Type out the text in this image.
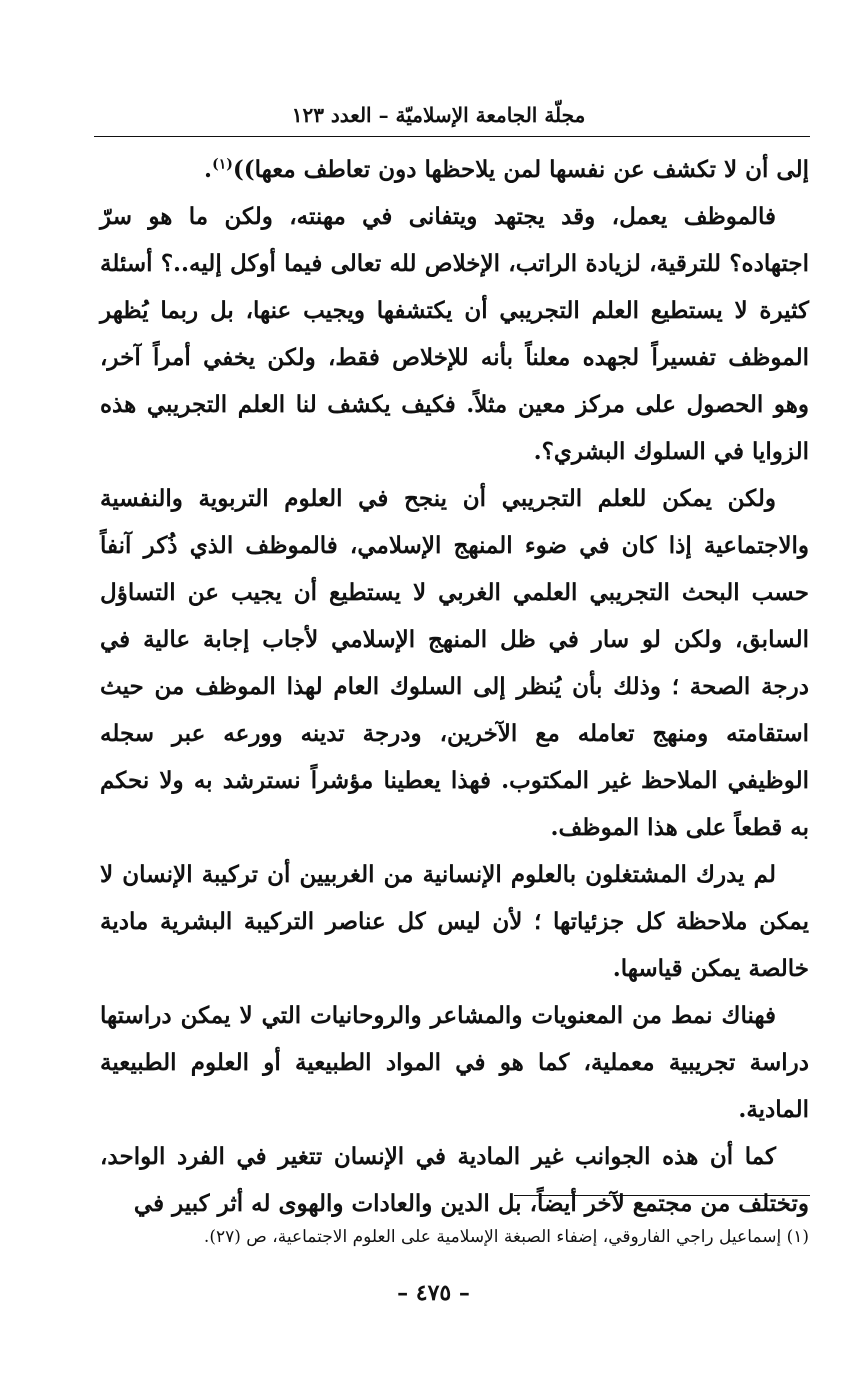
مجلّة الجامعة الإسلاميّة – العدد ١٢٣

إلى أن لا تكشف عن نفسها لمن يلاحظها دون تعاطف معها))$^{(١)}$.

فالموظف يعمل، وقد يجتهد ويتفانى في مهنته، ولكن ما هو سرّ اجتهاده؟ للترقية، لزيادة الراتب، الإخلاص لله تعالى فيما أوكل إليه..؟ أسئلة كثيرة لا يستطيع العلم التجريبي أن يكتشفها ويجيب عنها، بل ربما يُظهر الموظف تفسيراً لجهده معلناً بأنه للإخلاص فقط، ولكن يخفي أمراً آخر، وهو الحصول على مركز معين مثلاً. فكيف يكشف لنا العلم التجريبي هذه الزوايا في السلوك البشري؟.

ولكن يمكن للعلم التجريبي أن ينجح في العلوم التربوية والنفسية والاجتماعية إذا كان في ضوء المنهج الإسلامي، فالموظف الذي ذُكر آنفاً حسب البحث التجريبي العلمي الغربي لا يستطيع أن يجيب عن التساؤل السابق، ولكن لو سار في ظل المنهج الإسلامي لأجاب إجابة عالية في درجة الصحة ؛ وذلك بأن يُنظر إلى السلوك العام لهذا الموظف من حيث استقامته ومنهج تعامله مع الآخرين، ودرجة تدينه وورعه عبر سجله الوظيفي الملاحظ غير المكتوب. فهذا يعطينا مؤشراً نسترشد به ولا نحكم به قطعاً على هذا الموظف.

لم يدرك المشتغلون بالعلوم الإنسانية من الغربيين أن تركيبة الإنسان لا يمكن ملاحظة كل جزئياتها ؛ لأن ليس كل عناصر التركيبة البشرية مادية خالصة يمكن قياسها.

فهناك نمط من المعنويات والمشاعر والروحانيات التي لا يمكن دراستها دراسة تجريبية معملية، كما هو في المواد الطبيعية أو العلوم الطبيعية المادية.

كما أن هذه الجوانب غير المادية في الإنسان تتغير في الفرد الواحد، وتختلف من مجتمع لآخر أيضاً، بل الدين والعادات والهوى له أثر كبير في

(١) إسماعيل راجي الفاروقي، إضفاء الصبغة الإسلامية على العلوم الاجتماعية، ص (٢٧).
– ٤٧٥ –
